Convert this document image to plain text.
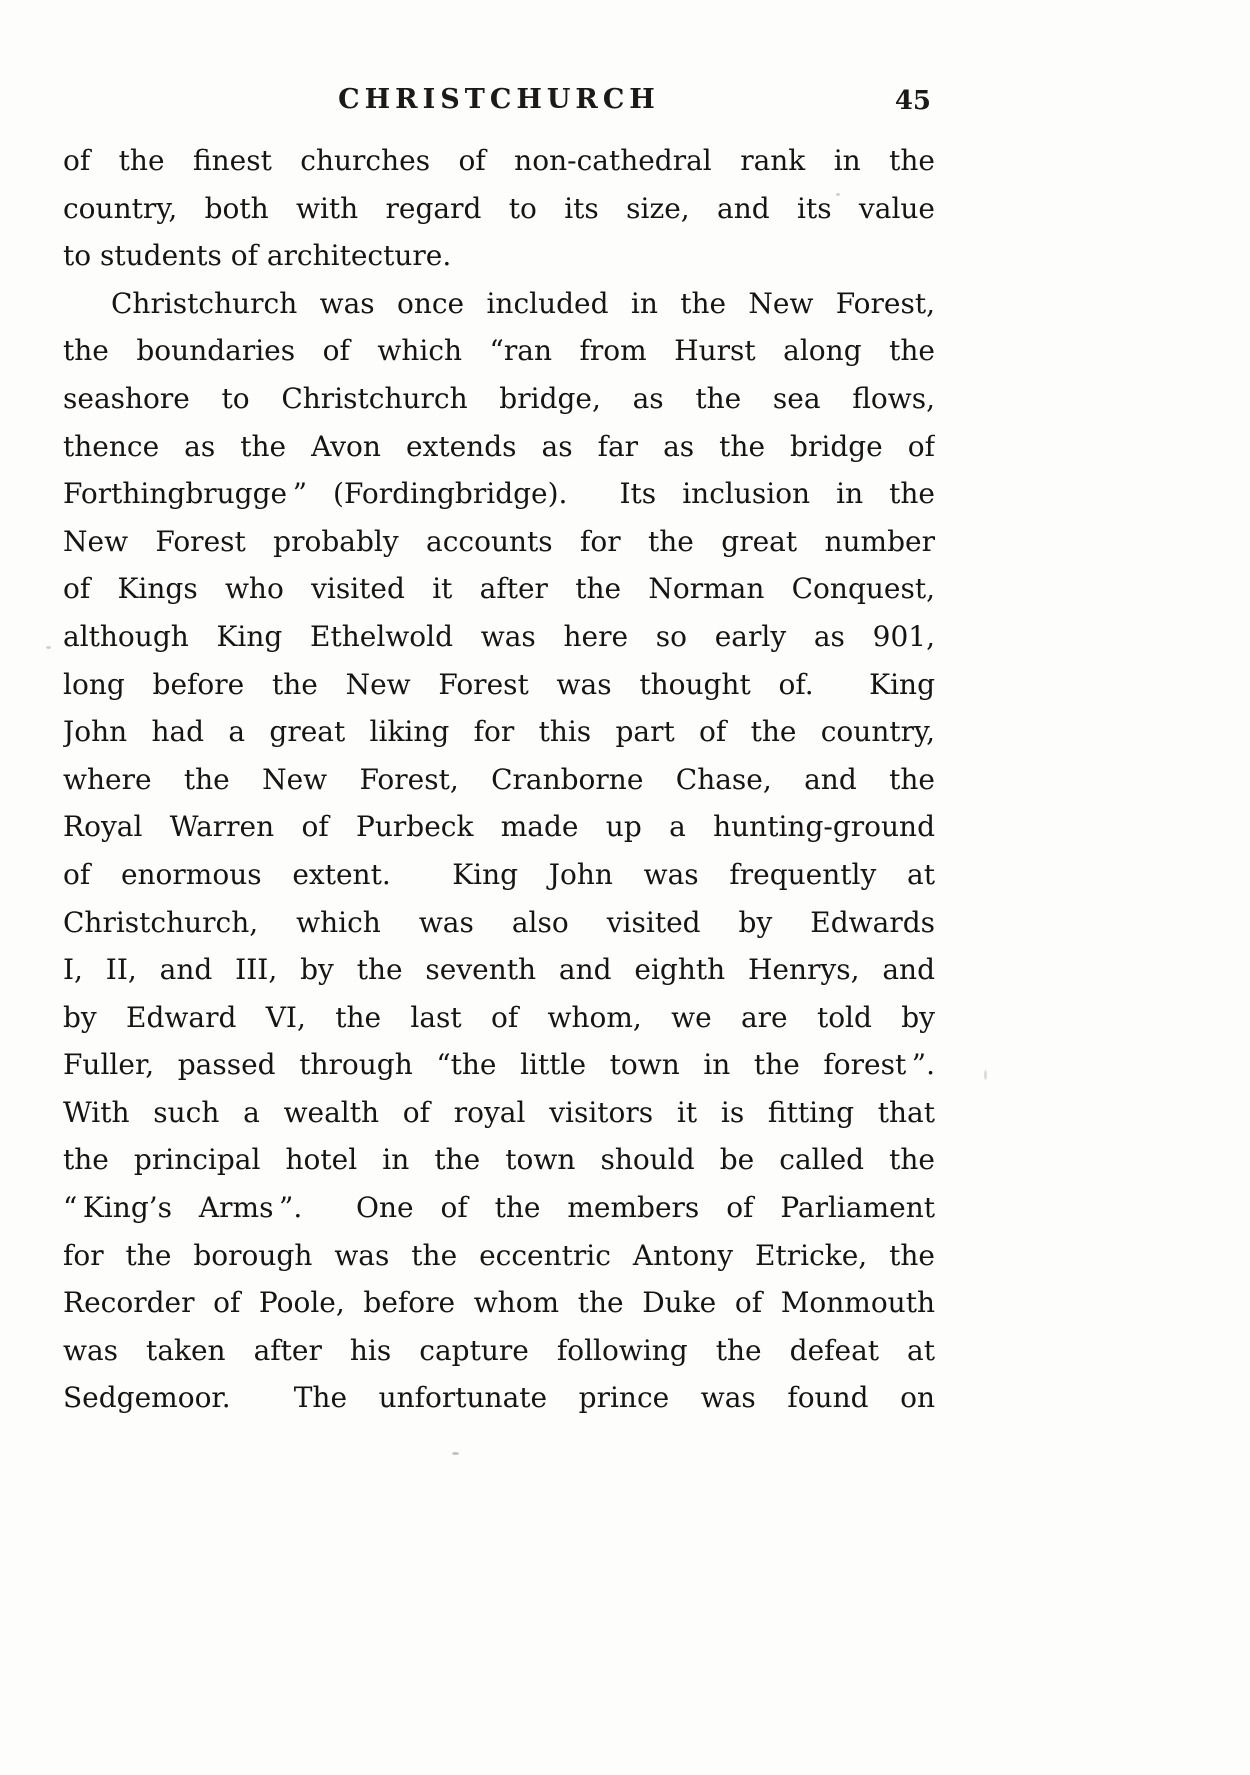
CHRISTCHURCH	45
of the finest churches of non-cathedral rank in the
country, both with regard to its size, and its value
to students of architecture.
Christchurch was once included in the New Forest,
the boundaries of which “ran from Hurst along the
seashore to Christchurch bridge, as the sea flows,
thence as the Avon extends as far as the bridge of
Forthingbrugge ” (Fordingbridge).  Its inclusion in the
New Forest probably accounts for the great number
of Kings who visited it after the Norman Conquest,
although King Ethelwold was here so early as 901,
long before the New Forest was thought of.  King
John had a great liking for this part of the country,
where the New Forest, Cranborne Chase, and the
Royal Warren of Purbeck made up a hunting-ground
of enormous extent.  King John was frequently at
Christchurch, which was also visited by Edwards
I, II, and III, by the seventh and eighth Henrys, and
by Edward VI, the last of whom, we are told by
Fuller, passed through “the little town in the forest ”.
With such a wealth of royal visitors it is fitting that
the principal hotel in the town should be called the
“ King’s Arms ”.  One of the members of Parliament
for the borough was the eccentric Antony Etricke, the
Recorder of Poole, before whom the Duke of Monmouth
was taken after his capture following the defeat at
Sedgemoor.  The unfortunate prince was found on
